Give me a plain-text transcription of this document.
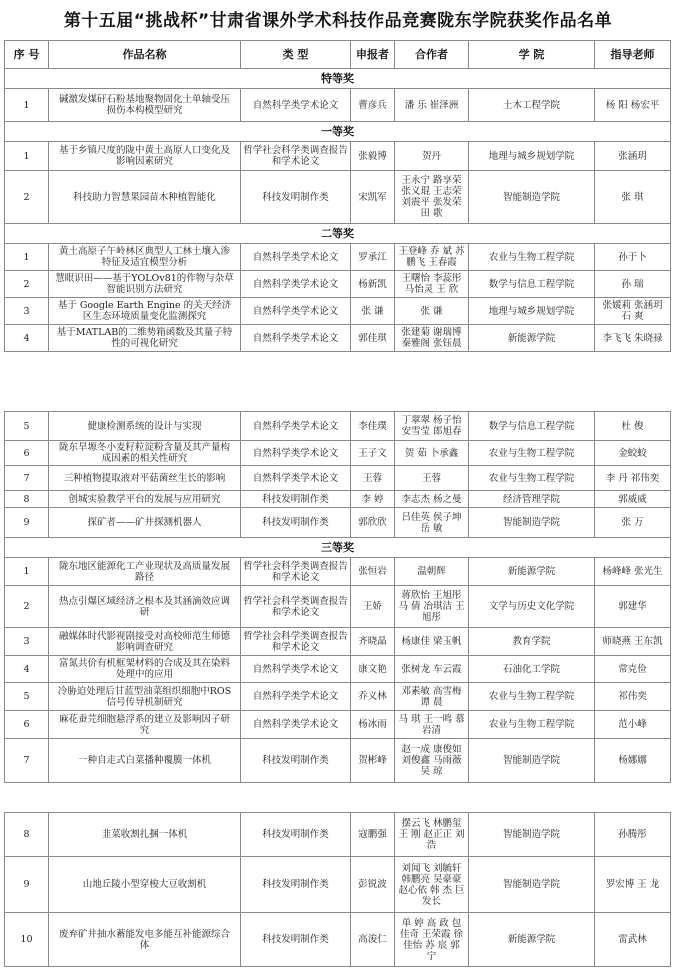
第十五届“挑战杯”甘肃省课外学术科技作品竞赛陇东学院获奖作品名单
序 号	作品名称	类 型	申报者	合作者	学 院	指导老师
特等奖						
1	碱激发煤矸石粉基地聚物固化土单轴受压损伤本构模型研究	自然科学类学术论文	曹彦兵	潘 乐 崔泽洲	土木工程学院	杨 阳 杨宏平
一等奖						
1	基于乡镇尺度的陇中黄土高原人口变化及影响因素研究	哲学社会科学类调查报告和学术论文	张毅博	贺丹	地理与城乡规划学院	张涵玥
2	科技助力智慧果园苗木种植智能化	科技发明制作类	宋凯军	王永宁 路享荣 张义琨 王志荣 刘震平 张发荣 田 歌	智能制造学院	张 琪
二等奖						
1	黄土高原子午岭林区典型人工林土壤入渗特征及适宜模型分析	自然科学类学术论文	罗承江	王登峰 乔 斌 苏鹏飞 王春霞	农业与生物工程学院	孙于卜
2	慧眼识田——基于YOLOv81的作物与杂草智能识别方法研究	自然科学类学术论文	杨新凯	王曙怡 李蕊彤 马怡灵 王 欣	数学与信息工程学院	孙 瑞
3	基于 Google Earth Engine 的关天经济区生态环境质量变化监测探究	自然科学类学术论文	张 谦	张 谦	地理与城乡规划学院	张媛莉 张涵玥 石 爽
4	基于MATLAB的二维势箱函数及其量子特性的可视化研究	自然科学类学术论文	郭佳琪	张建菊 谢瑞博 秦雅阁 张钰晨	新能源学院	李飞飞 朱晓禄
5	健康检测系统的设计与实现	自然科学类学术论文	李佳璞	丁翠翠 杨子怡 安雪莹 郎旭春	数学与信息工程学院	杜 俊
6	陇东旱塬冬小麦籽粒淀粉含量及其产量构成因素的相关性研究	自然科学类学术论文	王子文	贺 茹 卜承鑫	农业与生物工程学院	金蛟蛟
7	三种植物提取液对平菇菌丝生长的影响	自然科学类学术论文	王蓉	王蓉	农业与生物工程学院	李 丹 祁伟奕
8	创城实验教学平台的发展与应用研究	科技发明制作类	李 婷	李志杰 杨之曼	经济管理学院	郭威威
9	探矿者——矿井探测机器人	科技发明制作类	郭欣欣	吕佳英 侯子坤 岳 敏	智能制造学院	张 万
三等奖						
1	陇东地区能源化工产业现状及高质量发展路径	哲学社会科学类调查报告和学术论文	张恒岩	温朝辉	新能源学院	杨峰峰 张光生
2	热点引爆区域经济之根本及其涵滴效应调研	哲学社会科学类调查报告和学术论文	王娇	蒋欣怡 王旭彤 马 倩 冶琪洁 王旭彤	文学与历史文化学院	郭建华
3	融媒体时代影视剧接受对高校师范生师德影响调查研究	哲学社会科学类调查报告和学术论文	齐晓晶	杨康佳 梁玉帆	教育学院	师晓燕 王东凯
4	富氮共价有机框架材料的合成及其在染料处理中的应用	自然科学类学术论文	康文艳	张树龙 车云霞	石油化工学院	常克俭
5	冷胁迫处理后甘蓝型油菜组织细胞中ROS 信号传导机制研究	自然科学类学术论文	乔义林	邓素敏 高雪梅 谭 晨	农业与生物工程学院	祁伟奕
6	麻花蚕芫细胞悬浮系的建立及影响因子研究	自然科学类学术论文	杨冰雨	马 琪 王一鸣 慕岩清	农业与生物工程学院	范小峰
7	一种自走式白菜播种覆膜一体机	科技发明制作类	贺彬峰	赵一成 康俊如 刘俊鑫 马雨薇 吴 琼	智能制造学院	杨娜娜
8	韭菜收割扎捆一体机	科技发明制作类	寇鹏强	摆云飞 林鹏玺 王 刚 赵正正 刘 浩	智能制造学院	孙腾彤
9	山地丘陵小型穿梭大豆收割机	科技发明制作类	彭锐波	刘闻飞 刘毓轩 韩鹏亮 吴豪豪 赵心依 韩 杰 巨发长	智能制造学院	罗宏博 王 龙
10	废弃矿井抽水蓄能发电多能互补能源综合体	科技发明制作类	高浚仁	单 婷 高 政 包佳奇 王荣霞 徐佳怡 苏 宸 郭 宁	新能源学院	雷武林
